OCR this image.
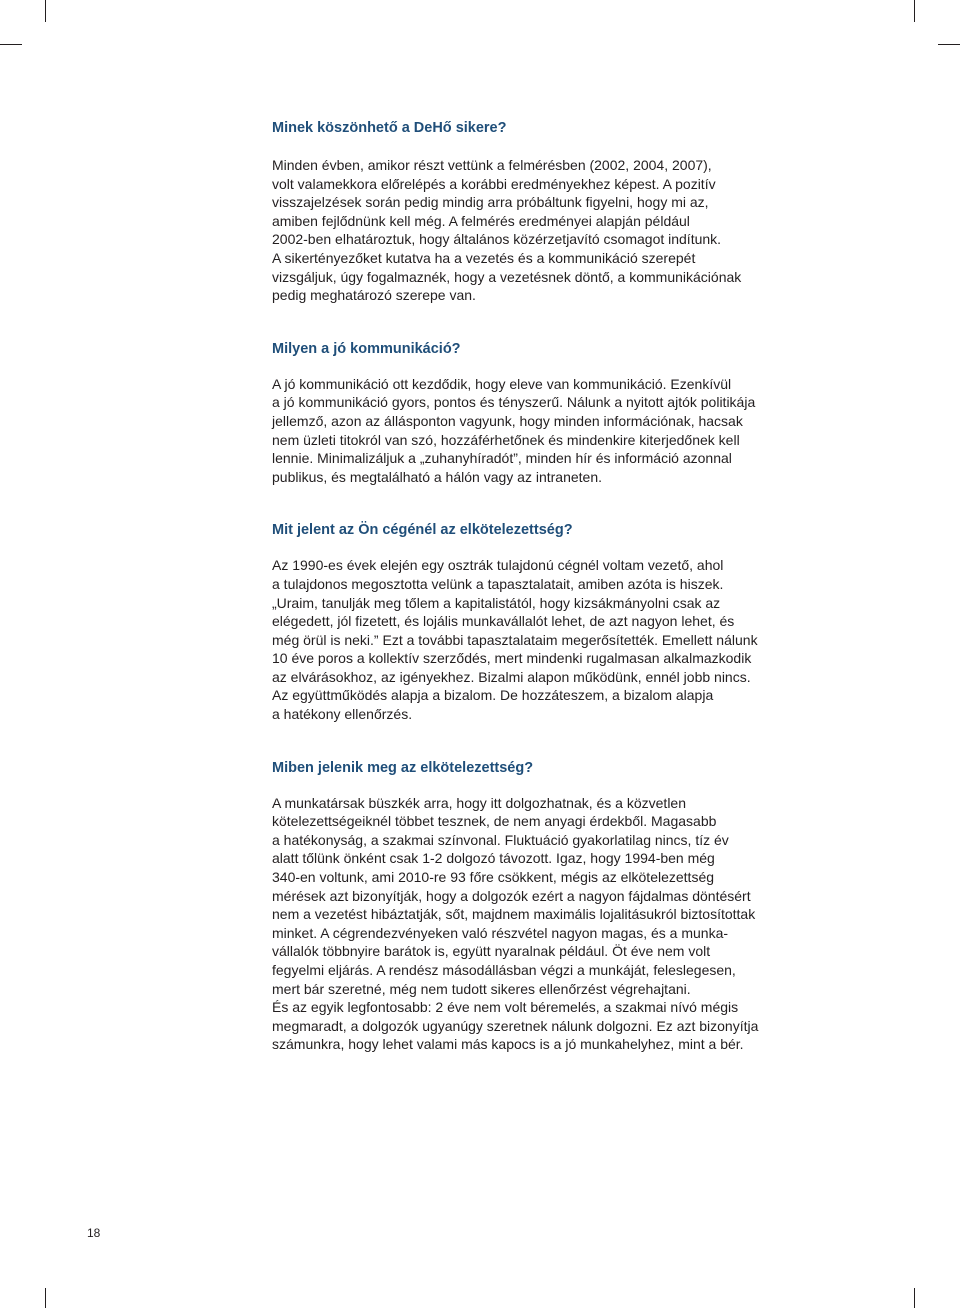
Minek köszönhető a DeHő sikere?

Minden évben, amikor részt vettünk a felmérésben (2002, 2004, 2007),
volt valamekkora előrelépés a korábbi eredményekhez képest. A pozitív
visszajelzések során pedig mindig arra próbáltunk figyelni, hogy mi az,
amiben fejlődnünk kell még. A felmérés eredményei alapján például
2002-ben elhatároztuk, hogy általános közérzetjavító csomagot indítunk.
A sikertényezőket kutatva ha a vezetés és a kommunikáció szerepét
vizsgáljuk, úgy fogalmaznék, hogy a vezetésnek döntő, a kommunikációnak
pedig meghatározó szerepe van.

Milyen a jó kommunikáció?

A jó kommunikáció ott kezdődik, hogy eleve van kommunikáció. Ezenkívül
a jó kommunikáció gyors, pontos és tényszerű. Nálunk a nyitott ajtók politikája
jellemző, azon az állásponton vagyunk, hogy minden információnak, hacsak
nem üzleti titokról van szó, hozzáférhetőnek és mindenkire kiterjedőnek kell
lennie. Minimalizáljuk a „zuhanyhíradót”, minden hír és információ azonnal
publikus, és megtalálható a hálón vagy az intraneten.

Mit jelent az Ön cégénél az elkötelezettség?

Az 1990-es évek elején egy osztrák tulajdonú cégnél voltam vezető, ahol
a tulajdonos megosztotta velünk a tapasztalatait, amiben azóta is hiszek.
„Uraim, tanulják meg tőlem a kapitalistától, hogy kizsákmányolni csak az
elégedett, jól fizetett, és lojális munkavállalót lehet, de azt nagyon lehet, és
még örül is neki.” Ezt a további tapasztalataim megerősítették. Emellett nálunk
10 éve poros a kollektív szerződés, mert mindenki rugalmasan alkalmazkodik
az elvárásokhoz, az igényekhez. Bizalmi alapon működünk, ennél jobb nincs.
Az együttműködés alapja a bizalom. De hozzáteszem, a bizalom alapja
a hatékony ellenőrzés.

Miben jelenik meg az elkötelezettség?

A munkatársak büszkék arra, hogy itt dolgozhatnak, és a közvetlen
kötelezettségeiknél többet tesznek, de nem anyagi érdekből. Magasabb
a hatékonyság, a szakmai színvonal. Fluktuáció gyakorlatilag nincs, tíz év
alatt tőlünk önként csak 1-2 dolgozó távozott. Igaz, hogy 1994-ben még
340-en voltunk, ami 2010-re 93 főre csökkent, mégis az elkötelezettség
mérések azt bizonyítják, hogy a dolgozók ezért a nagyon fájdalmas döntésért
nem a vezetést hibáztatják, sőt, majdnem maximális lojalitásukról biztosítottak
minket. A cégrendezvényeken való részvétel nagyon magas, és a munka-
vállalók többnyire barátok is, együtt nyaralnak például. Öt éve nem volt
fegyelmi eljárás. A rendész másodállásban végzi a munkáját, feleslegesen,
mert bár szeretné, még nem tudott sikeres ellenőrzést végrehajtani.
És az egyik legfontosabb: 2 éve nem volt béremelés, a szakmai nívó mégis
megmaradt, a dolgozók ugyanúgy szeretnek nálunk dolgozni. Ez azt bizonyítja
számunkra, hogy lehet valami más kapocs is a jó munkahelyhez, mint a bér.

18
